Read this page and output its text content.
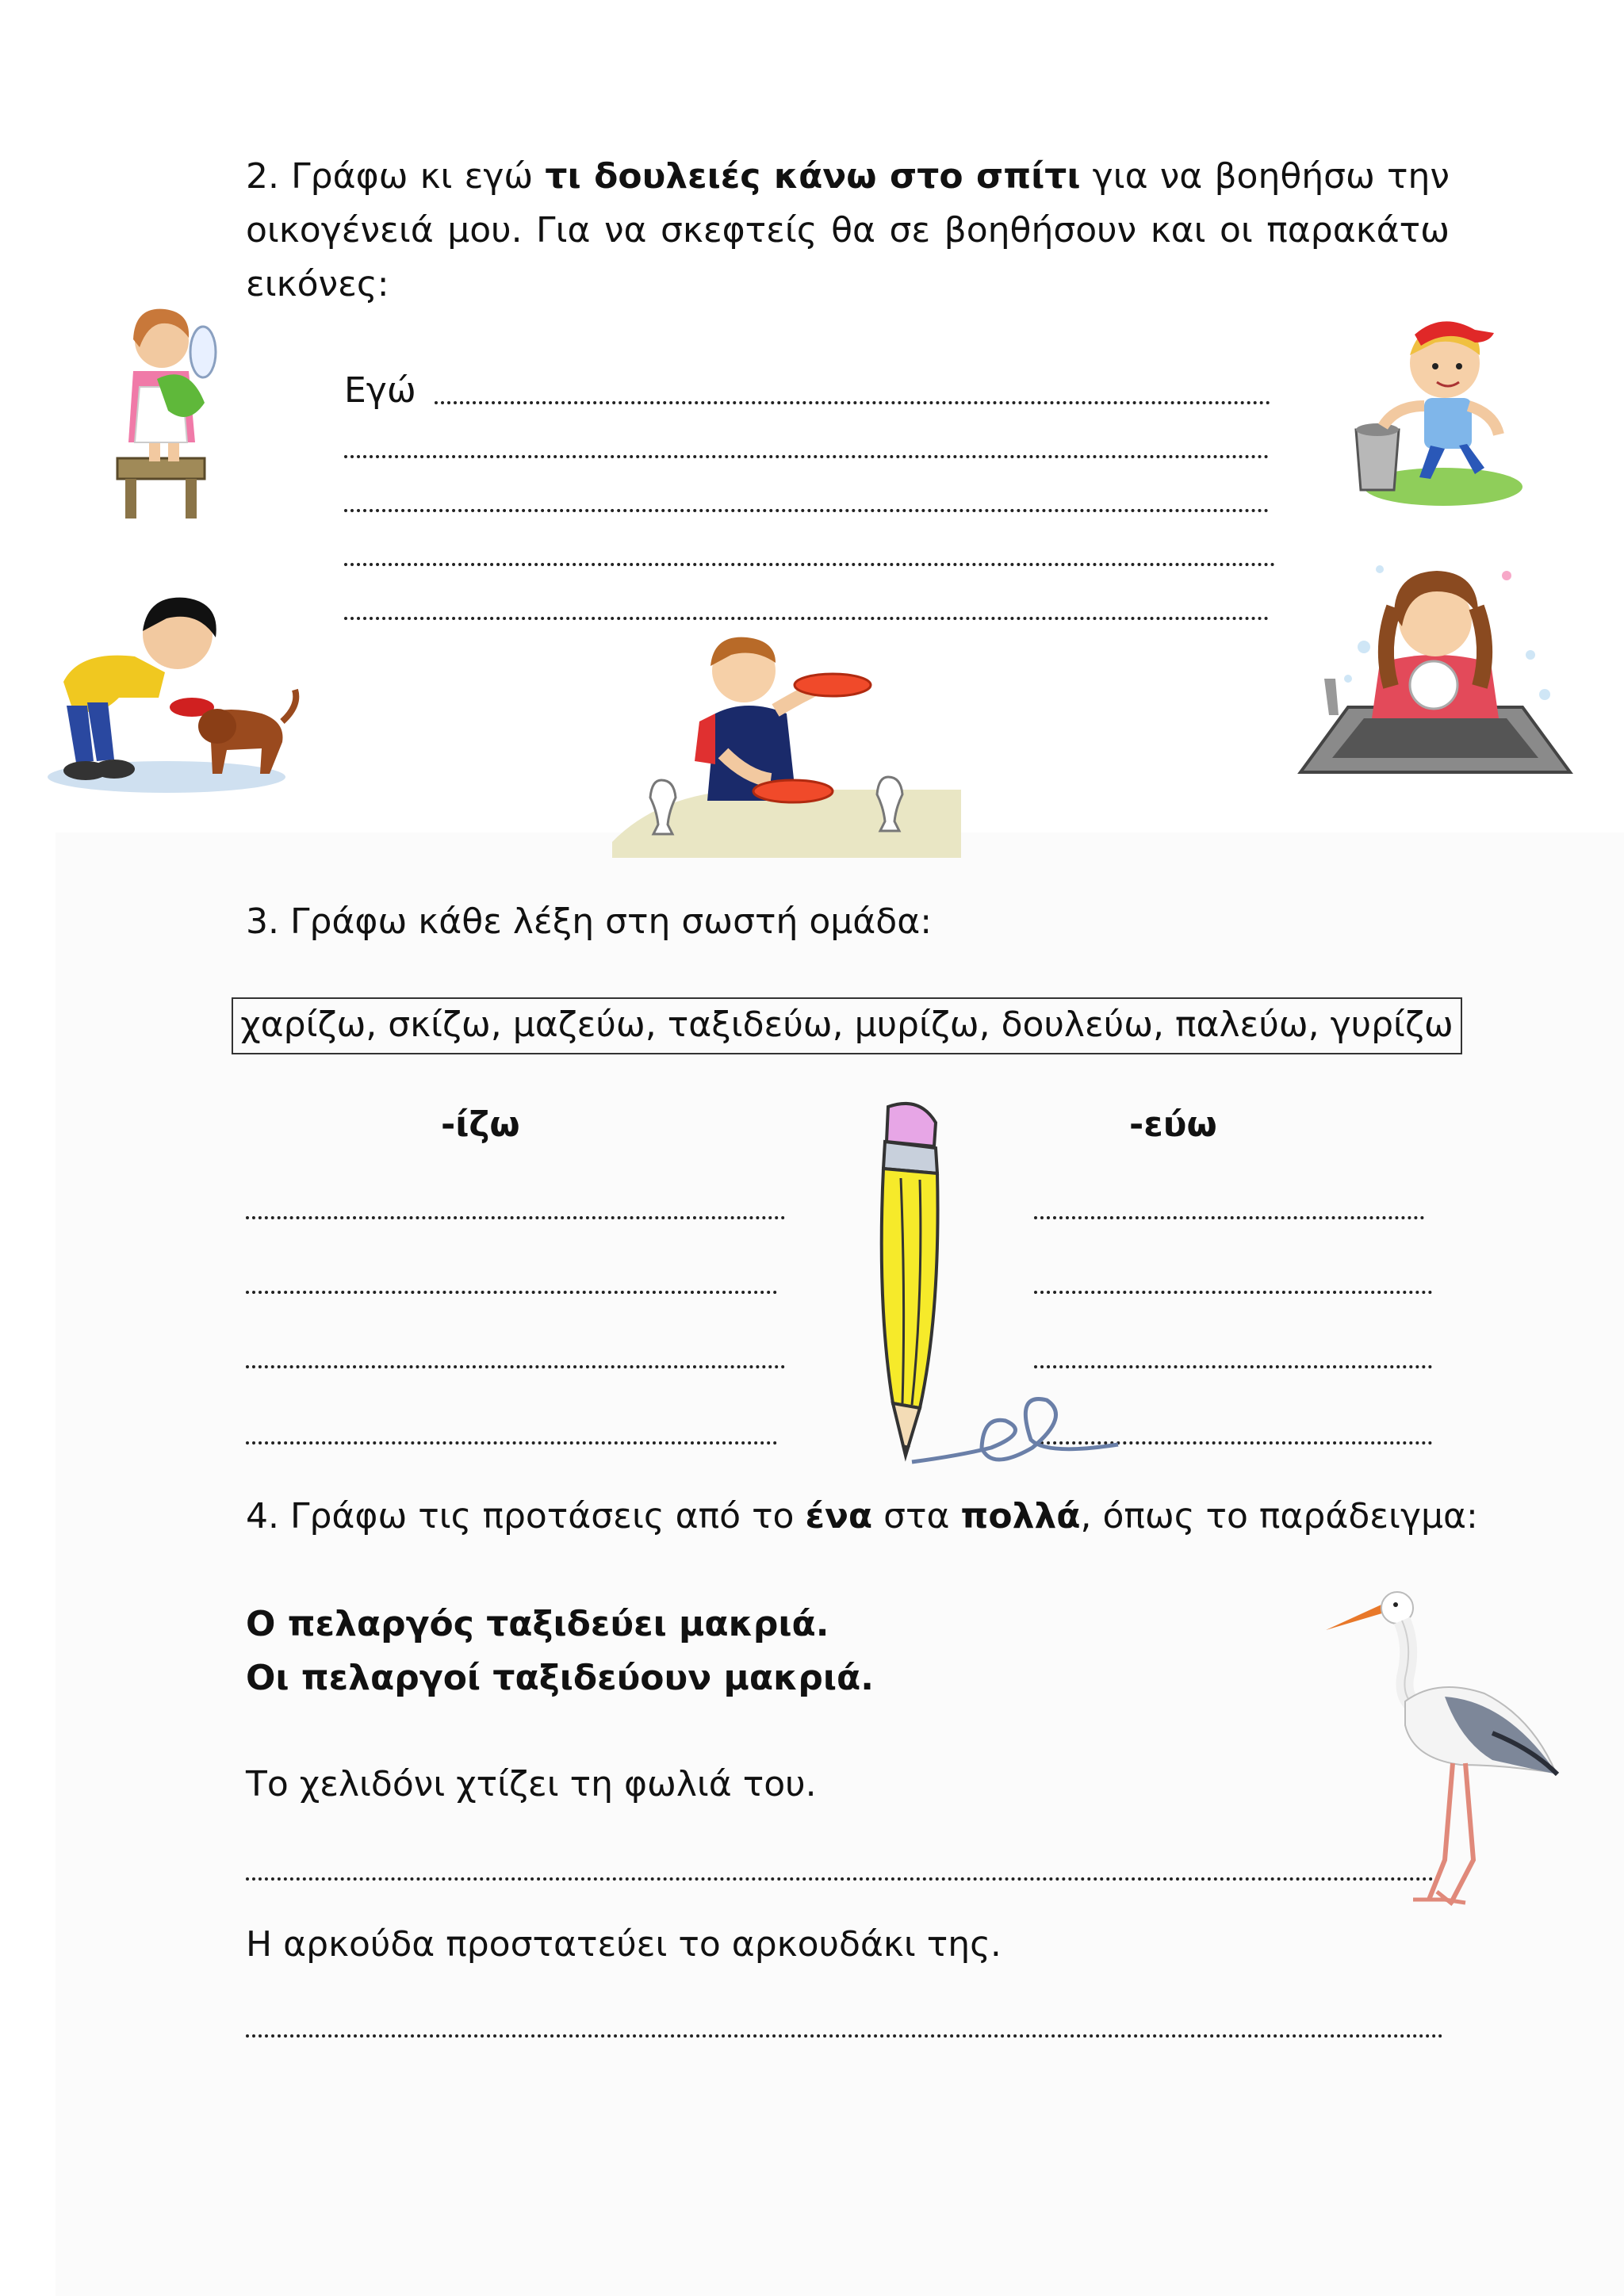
2. Γράφω κι εγώ τι δουλειές κάνω στο σπίτι για να βοηθήσω την
οικογένειά μου. Για να σκεφτείς θα σε βοηθήσουν και οι παρακάτω
εικόνες:
Εγώ
3. Γράφω κάθε λέξη στη σωστή ομάδα:
χαρίζω, σκίζω, μαζεύω, ταξιδεύω, μυρίζω, δουλεύω, παλεύω, γυρίζω
-ίζω	-εύω
4. Γράφω τις προτάσεις από το ένα στα πολλά, όπως το παράδειγμα:
Ο πελαργός ταξιδεύει μακριά.
Οι πελαργοί ταξιδεύουν μακριά.
Το χελιδόνι χτίζει τη φωλιά του.
Η αρκούδα προστατεύει το αρκουδάκι της.
